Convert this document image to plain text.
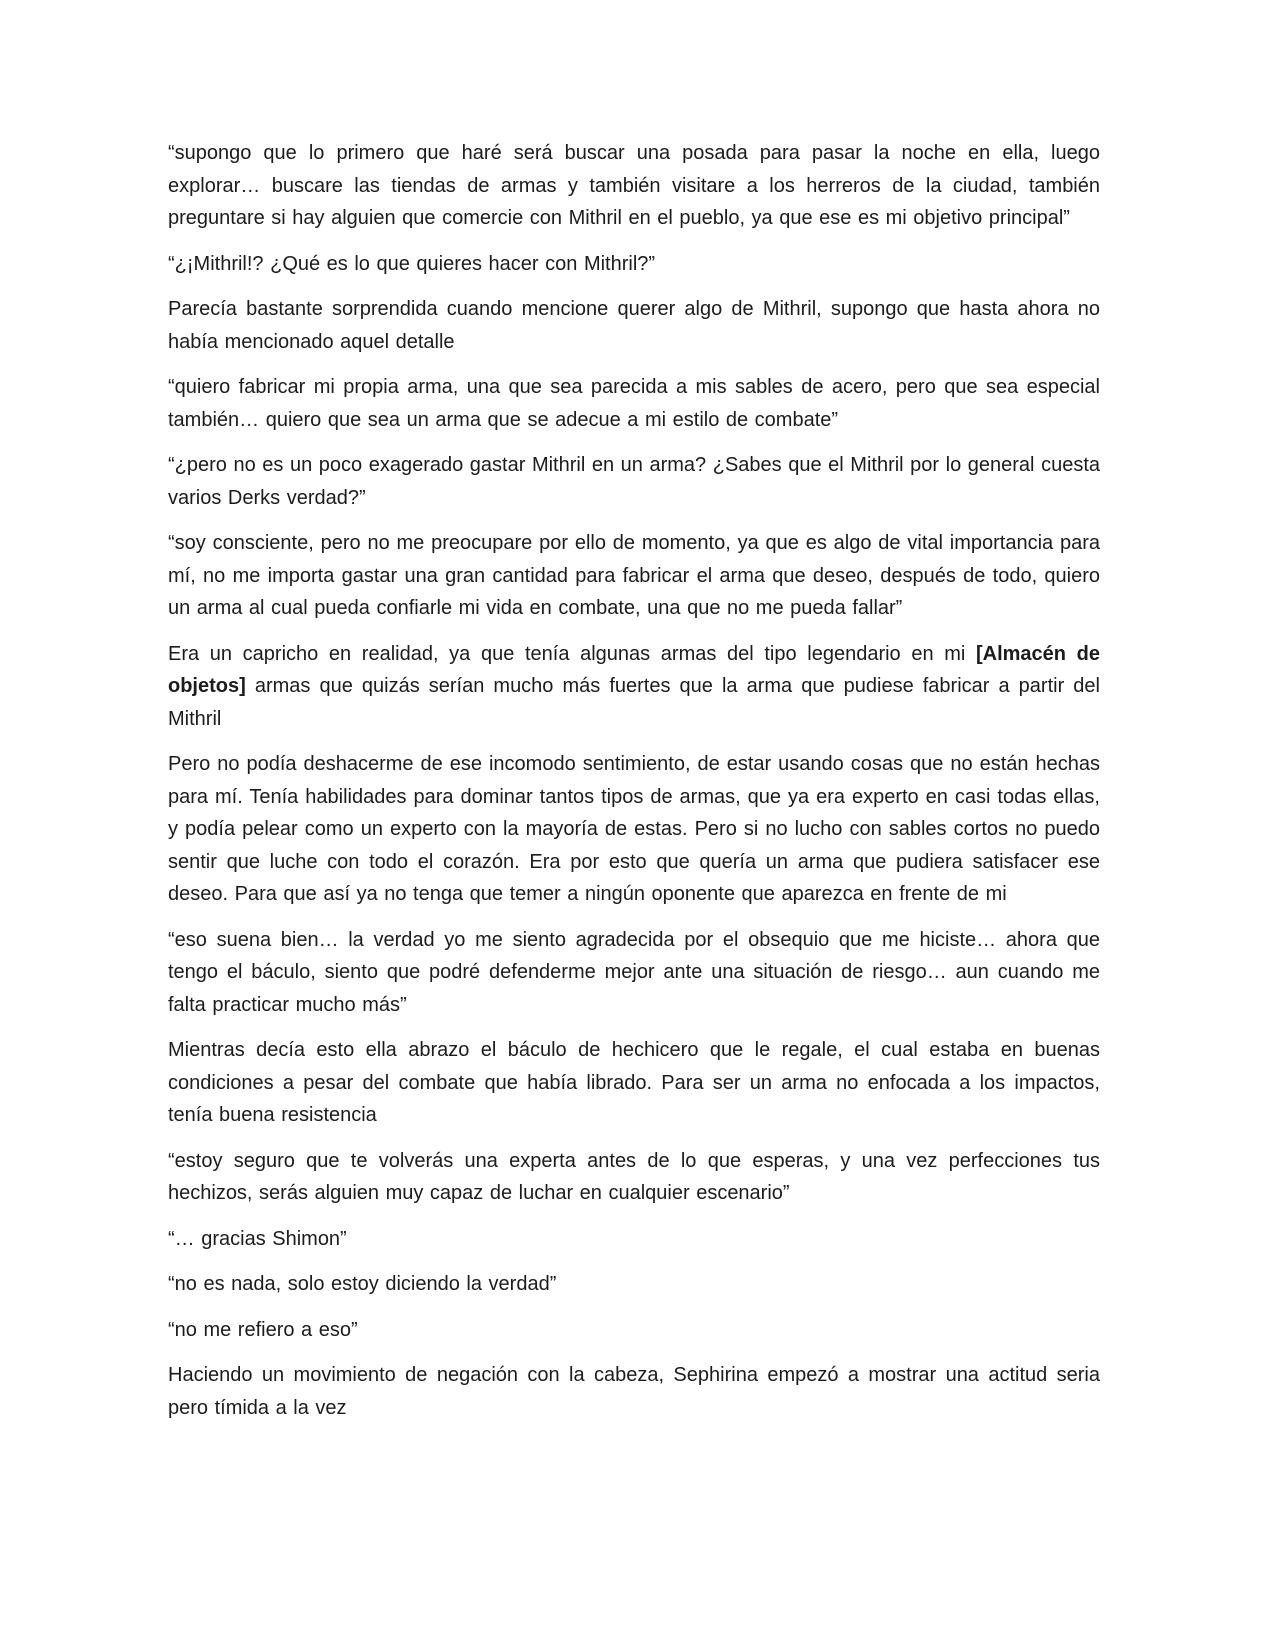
“supongo que lo primero que haré será buscar una posada para pasar la noche en ella, luego explorar… buscare las tiendas de armas y también visitare a los herreros de la ciudad, también preguntare si hay alguien que comercie con Mithril en el pueblo, ya que ese es mi objetivo principal”

“¿¡Mithril!? ¿Qué es lo que quieres hacer con Mithril?”

Parecía bastante sorprendida cuando mencione querer algo de Mithril, supongo que hasta ahora no había mencionado aquel detalle

“quiero fabricar mi propia arma, una que sea parecida a mis sables de acero, pero que sea especial también… quiero que sea un arma que se adecue a mi estilo de combate”

“¿pero no es un poco exagerado gastar Mithril en un arma? ¿Sabes que el Mithril por lo general cuesta varios Derks verdad?”

“soy consciente, pero no me preocupare por ello de momento, ya que es algo de vital importancia para mí, no me importa gastar una gran cantidad para fabricar el arma que deseo, después de todo, quiero un arma al cual pueda confiarle mi vida en combate, una que no me pueda fallar”

Era un capricho en realidad, ya que tenía algunas armas del tipo legendario en mi [Almacén de objetos] armas que quizás serían mucho más fuertes que la arma que pudiese fabricar a partir del Mithril

Pero no podía deshacerme de ese incomodo sentimiento, de estar usando cosas que no están hechas para mí. Tenía habilidades para dominar tantos tipos de armas, que ya era experto en casi todas ellas, y podía pelear como un experto con la mayoría de estas. Pero si no lucho con sables cortos no puedo sentir que luche con todo el corazón. Era por esto que quería un arma que pudiera satisfacer ese deseo. Para que así ya no tenga que temer a ningún oponente que aparezca en frente de mi

“eso suena bien… la verdad yo me siento agradecida por el obsequio que me hiciste… ahora que tengo el báculo, siento que podré defenderme mejor ante una situación de riesgo… aun cuando me falta practicar mucho más”

Mientras decía esto ella abrazo el báculo de hechicero que le regale, el cual estaba en buenas condiciones a pesar del combate que había librado. Para ser un arma no enfocada a los impactos, tenía buena resistencia

“estoy seguro que te volverás una experta antes de lo que esperas, y una vez perfecciones tus hechizos, serás alguien muy capaz de luchar en cualquier escenario”

“… gracias Shimon”

“no es nada, solo estoy diciendo la verdad”

“no me refiero a eso”

Haciendo un movimiento de negación con la cabeza, Sephirina empezó a mostrar una actitud seria pero tímida a la vez
